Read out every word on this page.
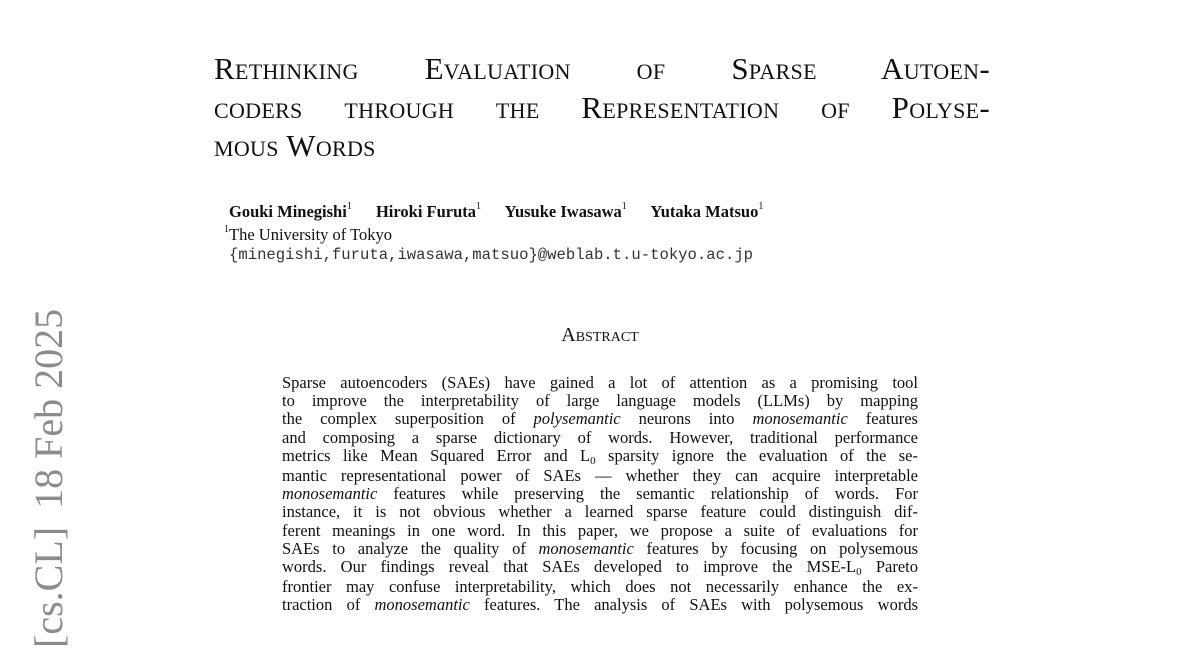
Rethinking Evaluation of Sparse Autoen-
coders through the Representation of Polyse-
mous Words
Gouki Minegishi$^1$ Hiroki Furuta$^1$ Yusuke Iwasawa$^1$ Yutaka Matsuo$^1$
$^1$The University of Tokyo
{minegishi,furuta,iwasawa,matsuo}@weblab.t.u-tokyo.ac.jp
Abstract
Sparse autoencoders (SAEs) have gained a lot of attention as a promising tool
to improve the interpretability of large language models (LLMs) by mapping
the complex superposition of polysemantic neurons into monosemantic features
and composing a sparse dictionary of words. However, traditional performance
metrics like Mean Squared Error and $L_0$ sparsity ignore the evaluation of the se-
mantic representational power of SAEs — whether they can acquire interpretable
monosemantic features while preserving the semantic relationship of words. For
instance, it is not obvious whether a learned sparse feature could distinguish dif-
ferent meanings in one word. In this paper, we propose a suite of evaluations for
SAEs to analyze the quality of monosemantic features by focusing on polysemous
words. Our findings reveal that SAEs developed to improve the MSE-$L_0$ Pareto
frontier may confuse interpretability, which does not necessarily enhance the ex-
traction of monosemantic features. The analysis of SAEs with polysemous words
[cs.CL]18 Feb 2025
